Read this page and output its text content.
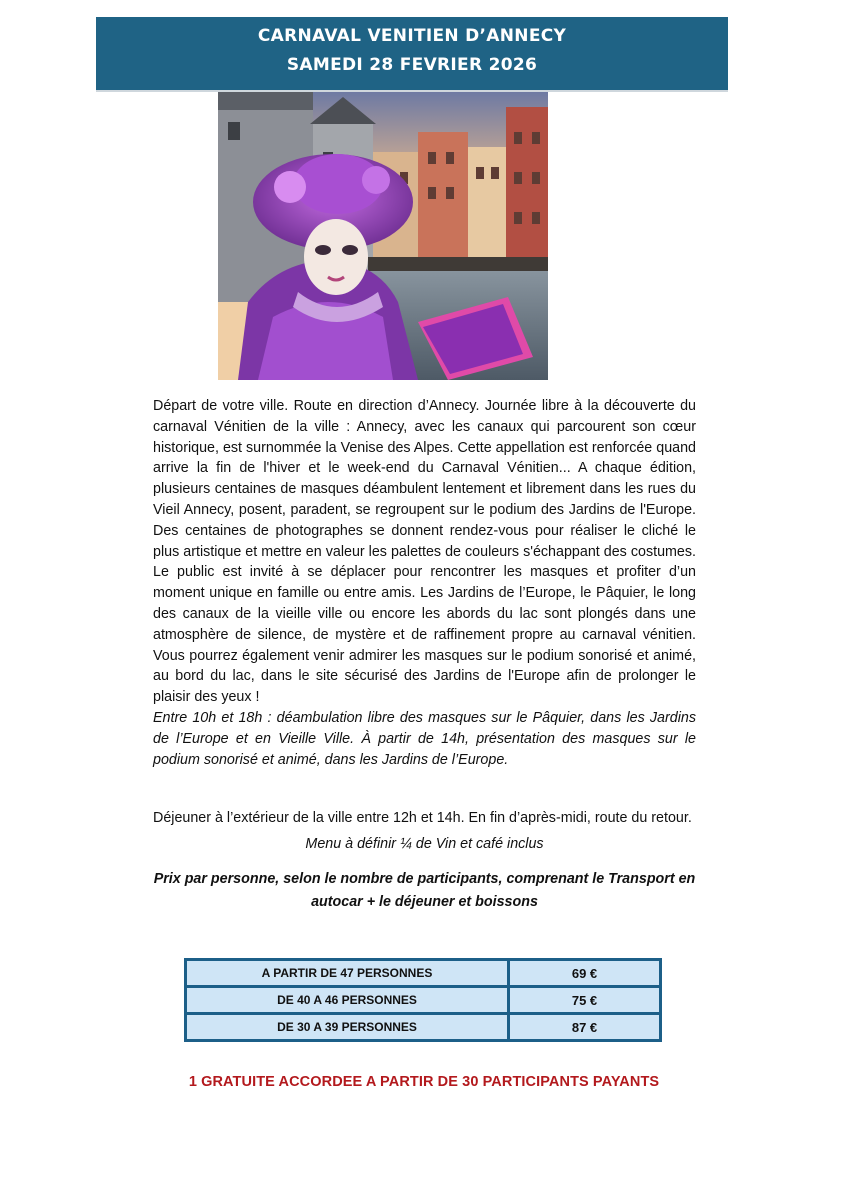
CARNAVAL VENITIEN D’ANNECY
SAMEDI 28 FEVRIER 2026

Départ de votre ville. Route en direction d’Annecy. Journée libre à la découverte du carnaval Vénitien de la ville : Annecy, avec les canaux qui parcourent son cœur historique, est surnommée la Venise des Alpes. Cette appellation est renforcée quand arrive la fin de l'hiver et le week-end du Carnaval Vénitien... A chaque édition, plusieurs centaines de masques déambulent lentement et librement dans les rues du Vieil Annecy, posent, paradent, se regroupent sur le podium des Jardins de l'Europe. Des centaines de photographes se donnent rendez-vous pour réaliser le cliché le plus artistique et mettre en valeur les palettes de couleurs s'échappant des costumes. Le public est invité à se déplacer pour rencontrer les masques et profiter d’un moment unique en famille ou entre amis. Les Jardins de l’Europe, le Pâquier, le long des canaux de la vieille ville ou encore les abords du lac sont plongés dans une atmosphère de silence, de mystère et de raffinement propre au carnaval vénitien. Vous pourrez également venir admirer les masques sur le podium sonorisé et animé, au bord du lac, dans le site sécurisé des Jardins de l'Europe afin de prolonger le plaisir des yeux !

Entre 10h et 18h : déambulation libre des masques sur le Pâquier, dans les Jardins de l’Europe et en Vieille Ville. À partir de 14h, présentation des masques sur le podium sonorisé et animé, dans les Jardins de l’Europe.

Déjeuner à l’extérieur de la ville entre 12h et 14h. En fin d’après-midi, route du retour.
Menu à définir ¼ de Vin et café inclus
Prix par personne, selon le nombre de participants, comprenant le Transport en autocar + le déjeuner et boissons
A PARTIR DE 47 PERSONNES	69 €
DE 40 A 46 PERSONNES	75 €
DE 30 A 39 PERSONNES	87 €
1 GRATUITE ACCORDEE A PARTIR DE 30 PARTICIPANTS PAYANTS
